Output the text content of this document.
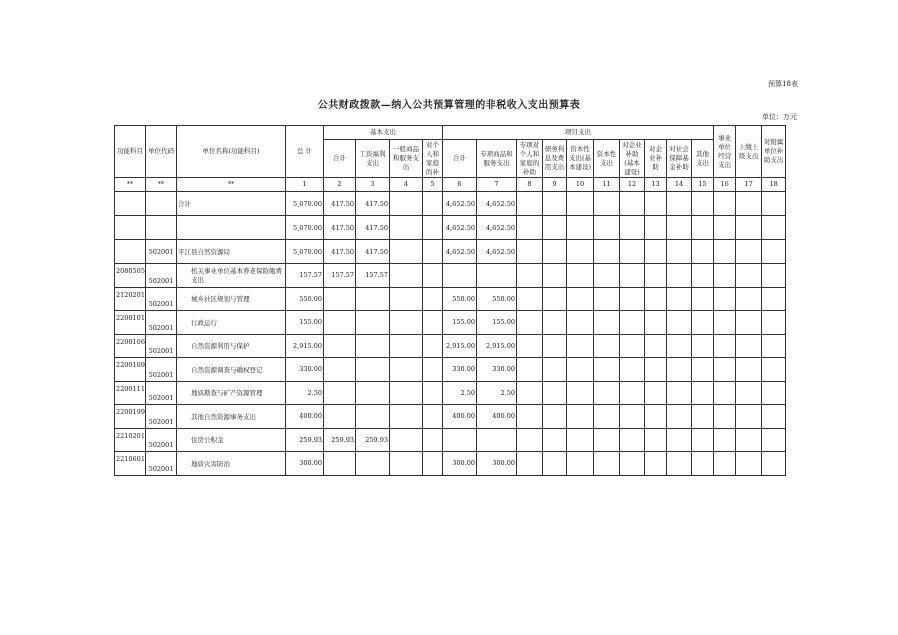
预算18表
公共财政拨款—纳入公共预算管理的非税收入支出预算表
单位：万元
功能科目	单位代码	单位名称(功能科目)	总 计	基本支出				项目支出										事业单位经营支出	上缴上级支出	对附属单位补助支出
				合计	工资福利支出	一般商品和服务支出	对个人和家庭的补	合计	专项商品和服务支出	专项对个人和家庭的补助	债务利息及费用支出	资本性支出(基本建设)	资本性支出	对企业补助(基本建设)	对企业补助	对社会保障基金补助	其他支出			
**	**	**	1	2	3	4	5	6	7	8	9	10	11	12	13	14	15	16	17	18
		合计	5,070.00	417.50	417.50			4,652.50	4,652.50											
			5,070.00	417.50	417.50			4,652.50	4,652.50											
	502001	平江县自然资源局	5,070.00	417.50	417.50			4,652.50	4,652.50											
2080505	502001	机关事业单位基本养老保险缴费支出	157.57	157.57	157.57															
2120201	502001	城乡社区规划与管理	550.00					550.00	550.00											
2200101	502001	行政运行	155.00					155.00	155.00											
2200106	502001	自然资源利用与保护	2,915.00					2,915.00	2,915.00											
2200109	502001	自然资源调查与确权登记	330.00					330.00	330.00											
2200111	502001	地质勘查与矿产资源管理	2.50					2.50	2.50											
2200199	502001	其他自然资源事务支出	400.00					400.00	400.00											
2210201	502001	住房公积金	259.93	259.93	259.93															
2210601	502001	地质灾害防治	300.00					300.00	300.00											
